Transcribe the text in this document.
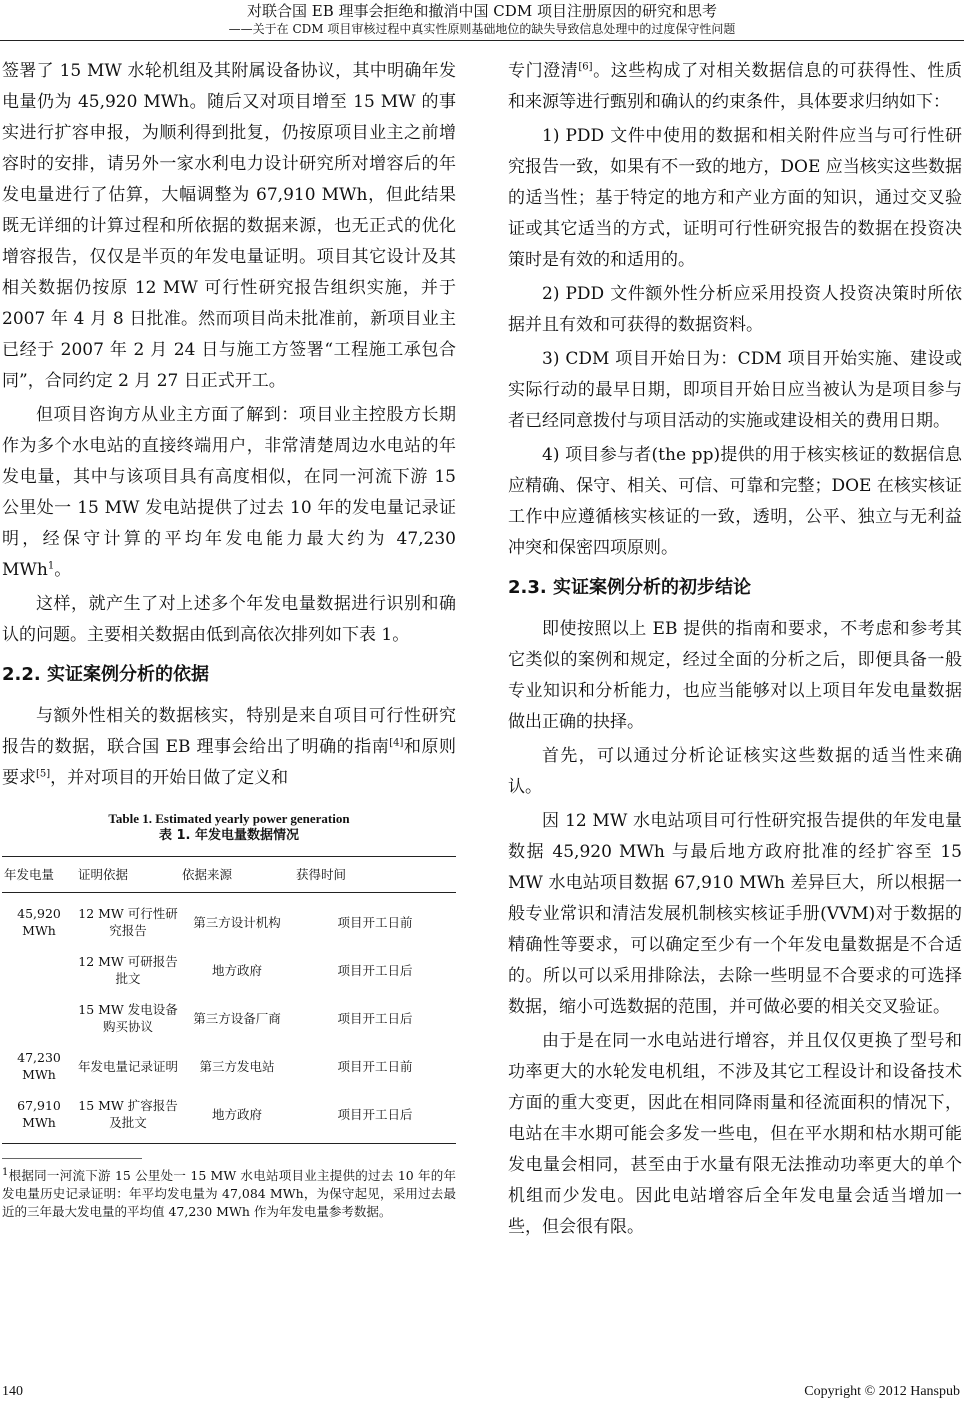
对联合国 EB 理事会拒绝和撤消中国 CDM 项目注册原因的研究和思考
——关于在 CDM 项目审核过程中真实性原则基础地位的缺失导致信息处理中的过度保守性问题

签署了 15 MW 水轮机组及其附属设备协议，其中明确年发电量仍为 45,920 MWh。随后又对项目增至 15 MW 的事实进行扩容申报，为顺利得到批复，仍按原项目业主之前增容时的安排，请另外一家水利电力设计研究所对增容后的年发电量进行了估算，大幅调整为 67,910 MWh，但此结果既无详细的计算过程和所依据的数据来源，也无正式的优化增容报告，仅仅是半页的年发电量证明。项目其它设计及其相关数据仍按原 12 MW 可行性研究报告组织实施，并于 2007 年 4 月 8 日批准。然而项目尚未批准前，新项目业主已经于 2007 年 2 月 24 日与施工方签署“工程施工承包合同”，合同约定 2 月 27 日正式开工。

但项目咨询方从业主方面了解到：项目业主控股方长期作为多个水电站的直接终端用户，非常清楚周边水电站的年发电量，其中与该项目具有高度相似，在同一河流下游 15 公里处一 15 MW 发电站提供了过去 10 年的发电量记录证明，经保守计算的平均年发电能力最大约为 47,230 MWh$^1$。

这样，就产生了对上述多个年发电量数据进行识别和确认的问题。主要相关数据由低到高依次排列如下表 1。

2.2. 实证案例分析的依据

与额外性相关的数据核实，特别是来自项目可行性研究报告的数据，联合国 EB 理事会给出了明确的指南[4]和原则要求[5]，并对项目的开始日做了定义和

Table 1. Estimated yearly power generation
表 1. 年发电量数据情况
年发电量	证明依据	依据来源	获得时间
45,920 MWh	12 MW 可行性研究报告	第三方设计机构	项目开工日前
	12 MW 可研报告批文	地方政府	项目开工日后
	15 MW 发电设备购买协议	第三方设备厂商	项目开工日后
47,230 MWh	年发电量记录证明	第三方发电站	项目开工日前
67,910 MWh	15 MW 扩容报告及批文	地方政府	项目开工日后
$^1$根据同一河流下游 15 公里处一 15 MW 水电站项目业主提供的过去 10 年的年发电量历史记录证明：年平均发电量为 47,084 MWh，为保守起见，采用过去最近的三年最大发电量的平均值 47,230 MWh 作为年发电量参考数据。

专门澄清[6]。这些构成了对相关数据信息的可获得性、性质和来源等进行甄别和确认的约束条件，具体要求归纳如下：

1) PDD 文件中使用的数据和相关附件应当与可行性研究报告一致，如果有不一致的地方，DOE 应当核实这些数据的适当性；基于特定的地方和产业方面的知识，通过交叉验证或其它适当的方式，证明可行性研究报告的数据在投资决策时是有效的和适用的。

2) PDD 文件额外性分析应采用投资人投资决策时所依据并且有效和可获得的数据资料。

3) CDM 项目开始日为：CDM 项目开始实施、建设或实际行动的最早日期，即项目开始日应当被认为是项目参与者已经同意拨付与项目活动的实施或建设相关的费用日期。

4) 项目参与者(the pp)提供的用于核实核证的数据信息应精确、保守、相关、可信、可靠和完整；DOE 在核实核证工作中应遵循核实核证的一致，透明，公平、独立与无利益冲突和保密四项原则。

2.3. 实证案例分析的初步结论

即使按照以上 EB 提供的指南和要求，不考虑和参考其它类似的案例和规定，经过全面的分析之后，即便具备一般专业知识和分析能力，也应当能够对以上项目年发电量数据做出正确的抉择。

首先，可以通过分析论证核实这些数据的适当性来确认。

因 12 MW 水电站项目可行性研究报告提供的年发电量数据 45,920 MWh 与最后地方政府批准的经扩容至 15 MW 水电站项目数据 67,910 MWh 差异巨大，所以根据一般专业常识和清洁发展机制核实核证手册(VVM)对于数据的精确性等要求，可以确定至少有一个年发电量数据是不合适的。所以可以采用排除法，去除一些明显不合要求的可选择数据，缩小可选数据的范围，并可做必要的相关交叉验证。

由于是在同一水电站进行增容，并且仅仅更换了型号和功率更大的水轮发电机组，不涉及其它工程设计和设备技术方面的重大变更，因此在相同降雨量和径流面积的情况下，电站在丰水期可能会多发一些电，但在平水期和枯水期可能发电量会相同，甚至由于水量有限无法推动功率更大的单个机组而少发电。因此电站增容后全年发电量会适当增加一些，但会很有限。

140	Copyright © 2012 Hanspub
